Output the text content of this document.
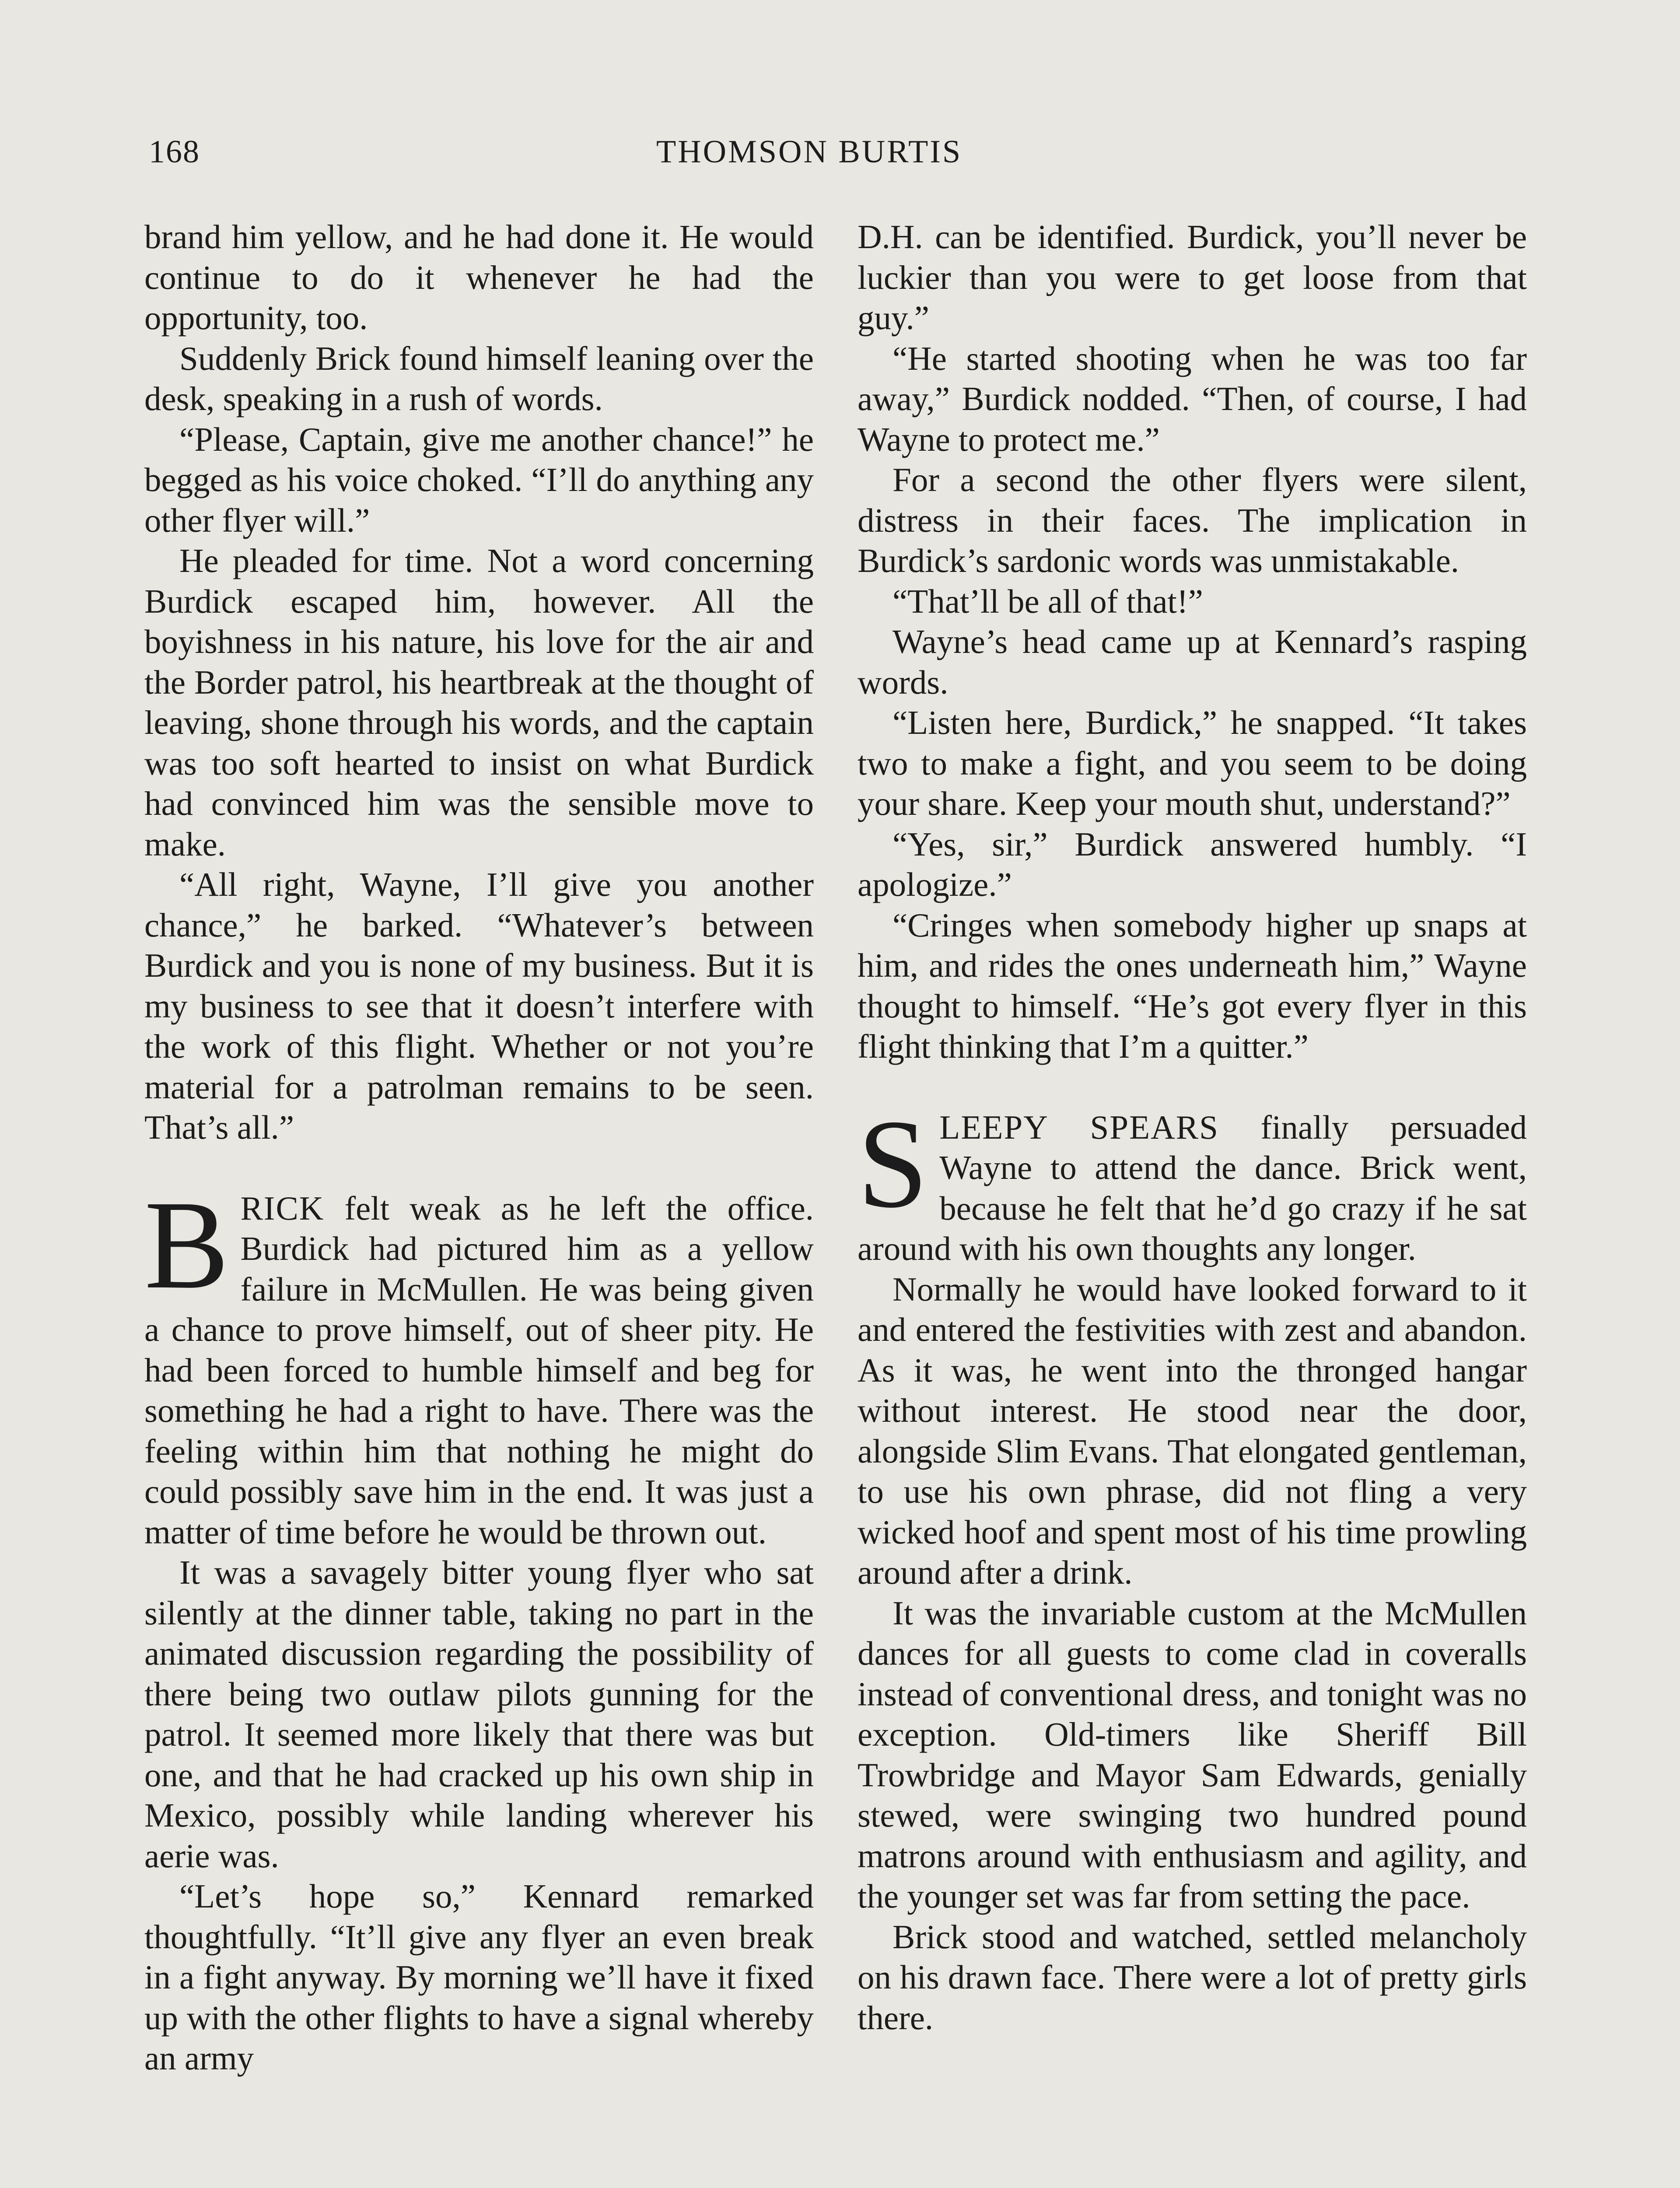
168	THOMSON BURTIS

brand him yellow, and he had done it. He would continue to do it whenever he had the opportunity, too.

Suddenly Brick found himself leaning over the desk, speaking in a rush of words.

“Please, Captain, give me another chance!” he begged as his voice choked. “I’ll do anything any other flyer will.”

He pleaded for time. Not a word concerning Burdick escaped him, however. All the boyishness in his nature, his love for the air and the Border patrol, his heartbreak at the thought of leaving, shone through his words, and the captain was too soft hearted to insist on what Burdick had convinced him was the sensible move to make.

“All right, Wayne, I’ll give you another chance,” he barked. “Whatever’s between Burdick and you is none of my business. But it is my business to see that it doesn’t interfere with the work of this flight. Whether or not you’re material for a patrolman remains to be seen. That’s all.”

BRICK felt weak as he left the office. Burdick had pictured him as a yellow failure in McMullen. He was being given a chance to prove himself, out of sheer pity. He had been forced to humble himself and beg for something he had a right to have. There was the feeling within him that nothing he might do could possibly save him in the end. It was just a matter of time before he would be thrown out.

It was a savagely bitter young flyer who sat silently at the dinner table, taking no part in the animated discussion regarding the possibility of there being two outlaw pilots gunning for the patrol. It seemed more likely that there was but one, and that he had cracked up his own ship in Mexico, possibly while landing wherever his aerie was.

“Let’s hope so,” Kennard remarked thoughtfully. “It’ll give any flyer an even break in a fight anyway. By morning we’ll have it fixed up with the other flights to have a signal whereby an army

D.H. can be identified. Burdick, you’ll never be luckier than you were to get loose from that guy.”

“He started shooting when he was too far away,” Burdick nodded. “Then, of course, I had Wayne to protect me.”

For a second the other flyers were silent, distress in their faces. The implication in Burdick’s sardonic words was unmistakable.

“That’ll be all of that!”

Wayne’s head came up at Kennard’s rasping words.

“Listen here, Burdick,” he snapped. “It takes two to make a fight, and you seem to be doing your share. Keep your mouth shut, understand?”

“Yes, sir,” Burdick answered humbly. “I apologize.”

“Cringes when somebody higher up snaps at him, and rides the ones underneath him,” Wayne thought to himself. “He’s got every flyer in this flight thinking that I’m a quitter.”

SLEEPY SPEARS finally persuaded Wayne to attend the dance. Brick went, because he felt that he’d go crazy if he sat around with his own thoughts any longer.

Normally he would have looked forward to it and entered the festivities with zest and abandon. As it was, he went into the thronged hangar without interest. He stood near the door, alongside Slim Evans. That elongated gentleman, to use his own phrase, did not fling a very wicked hoof and spent most of his time prowling around after a drink.

It was the invariable custom at the McMullen dances for all guests to come clad in coveralls instead of conventional dress, and tonight was no exception. Old-timers like Sheriff Bill Trowbridge and Mayor Sam Edwards, genially stewed, were swinging two hundred pound matrons around with enthusiasm and agility, and the younger set was far from setting the pace.

Brick stood and watched, settled melancholy on his drawn face. There were a lot of pretty girls there.
